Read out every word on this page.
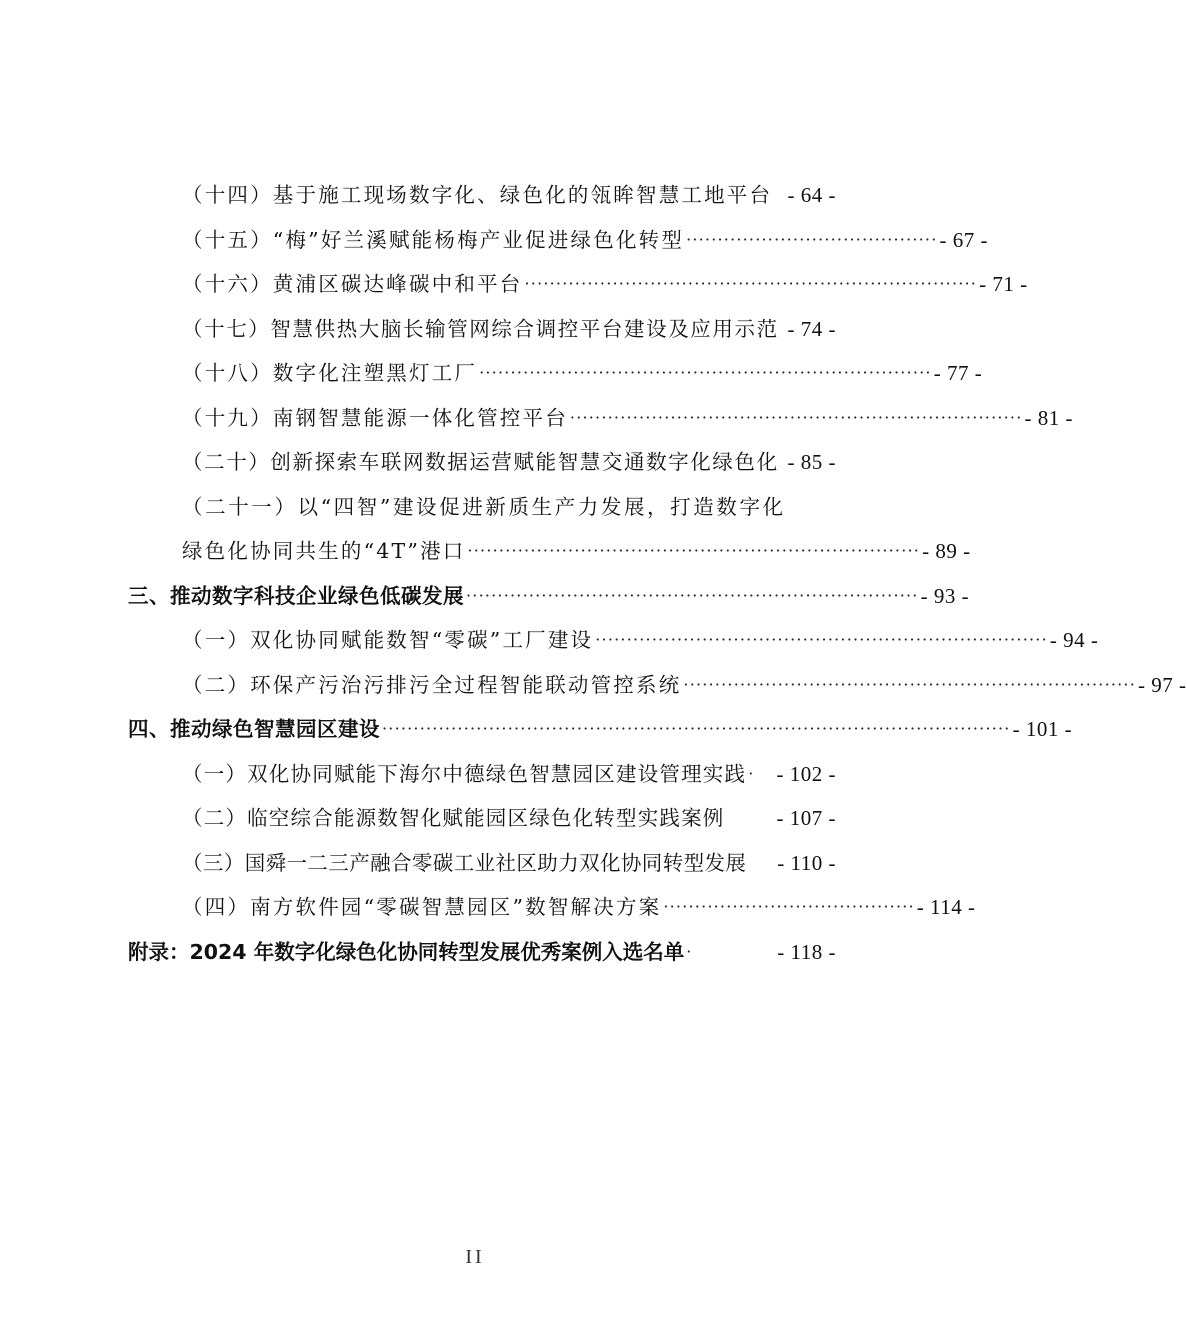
（十四）基于施工现场数字化、绿色化的瓴眸智慧工地平台 - 64 -
（十五）“梅”好兰溪赋能杨梅产业促进绿色化转型 ········································ - 67 -
（十六）黄浦区碳达峰碳中和平台 ········································································ - 71 -
（十七）智慧供热大脑长输管网综合调控平台建设及应用示范 - 74 -
（十八）数字化注塑黑灯工厂 ········································································ - 77 -
（十九）南钢智慧能源一体化管控平台 ········································································ - 81 -
（二十）创新探索车联网数据运营赋能智慧交通数字化绿色化 - 85 -
（二十一）以“四智”建设促进新质生产力发展，打造数字化
绿色化协同共生的“4T”港口 ········································································ - 89 -
三、推动数字科技企业绿色低碳发展 ········································································ - 93 -
（一）双化协同赋能数智“零碳”工厂建设 ········································································ - 94 -
（二）环保产污治污排污全过程智能联动管控系统 ········································································ - 97 -
四、推动绿色智慧园区建设 ···································································································· - 101 -
（一）双化协同赋能下海尔中德绿色智慧园区建设管理实践 ·	- 102 -
（二）临空综合能源数智化赋能园区绿色化转型实践案例 - 107 -
（三）国舜一二三产融合零碳工业社区助力双化协同转型发展 - 110 -
（四）南方软件园“零碳智慧园区”数智解决方案 ········································ - 114 -
附录：2024 年数字化绿色化协同转型发展优秀案例入选名单 ·	- 118 -
II
